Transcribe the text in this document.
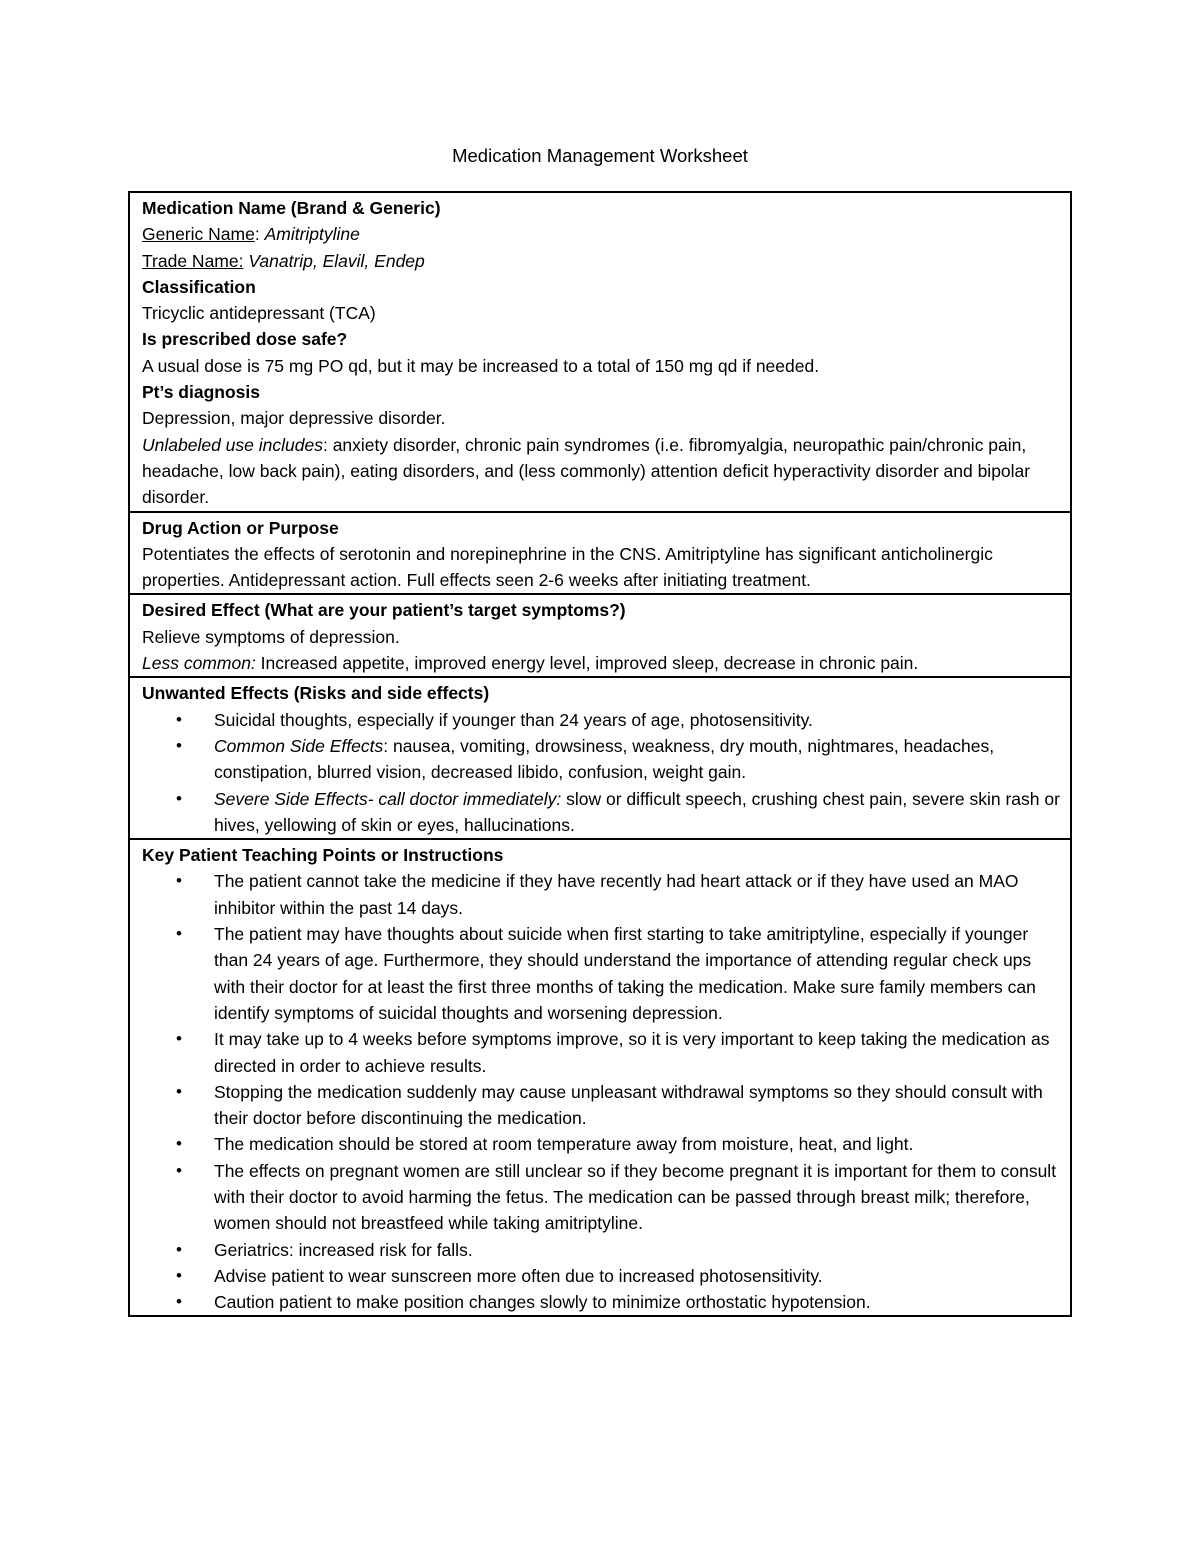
Medication Management Worksheet

Medication Name (Brand & Generic)

Generic Name: Amitriptyline

Trade Name: Vanatrip, Elavil, Endep

Classification

Tricyclic antidepressant (TCA)

Is prescribed dose safe?

A usual dose is 75 mg PO qd, but it may be increased to a total of 150 mg qd if needed.

Pt’s diagnosis

Depression, major depressive disorder.

Unlabeled use includes: anxiety disorder, chronic pain syndromes (i.e. fibromyalgia, neuropathic pain/chronic pain, headache, low back pain), eating disorders, and (less commonly) attention deficit hyperactivity disorder and bipolar disorder.

Drug Action or Purpose

Potentiates the effects of serotonin and norepinephrine in the CNS. Amitriptyline has significant anticholinergic properties. Antidepressant action. Full effects seen 2-6 weeks after initiating treatment.

Desired Effect (What are your patient’s target symptoms?)

Relieve symptoms of depression.

Less common: Increased appetite, improved energy level, improved sleep, decrease in chronic pain.

Unwanted Effects (Risks and side effects)

• Suicidal thoughts, especially if younger than 24 years of age, photosensitivity.
• Common Side Effects: nausea, vomiting, drowsiness, weakness, dry mouth, nightmares, headaches, constipation, blurred vision, decreased libido, confusion, weight gain.
• Severe Side Effects- call doctor immediately: slow or difficult speech, crushing chest pain, severe skin rash or hives, yellowing of skin or eyes, hallucinations.

Key Patient Teaching Points or Instructions

• The patient cannot take the medicine if they have recently had heart attack or if they have used an MAO inhibitor within the past 14 days.
• The patient may have thoughts about suicide when first starting to take amitriptyline, especially if younger than 24 years of age. Furthermore, they should understand the importance of attending regular check ups with their doctor for at least the first three months of taking the medication. Make sure family members can identify symptoms of suicidal thoughts and worsening depression.
• It may take up to 4 weeks before symptoms improve, so it is very important to keep taking the medication as directed in order to achieve results.
• Stopping the medication suddenly may cause unpleasant withdrawal symptoms so they should consult with their doctor before discontinuing the medication.
• The medication should be stored at room temperature away from moisture, heat, and light.
• The effects on pregnant women are still unclear so if they become pregnant it is important for them to consult with their doctor to avoid harming the fetus. The medication can be passed through breast milk; therefore, women should not breastfeed while taking amitriptyline.
• Geriatrics: increased risk for falls.
• Advise patient to wear sunscreen more often due to increased photosensitivity.
• Caution patient to make position changes slowly to minimize orthostatic hypotension.
